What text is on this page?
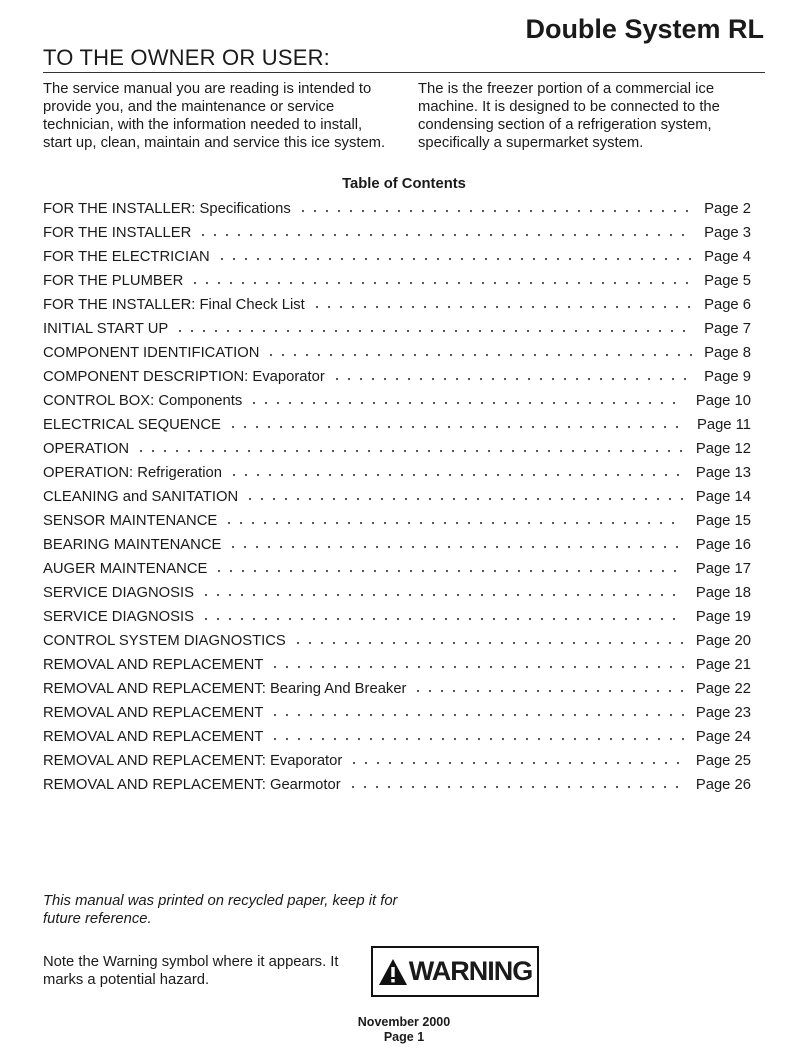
Double System RL
TO THE OWNER OR USER:

The service manual you are reading is intended to provide you, and the maintenance or service technician, with the information needed to install, start up, clean, maintain and service this ice system.

The is the freezer portion of a commercial ice machine. It is designed to be connected to the condensing section of a refrigeration system, specifically a supermarket system.

Table of Contents

FOR THE INSTALLER: Specifications	Page 2
FOR THE INSTALLER	Page 3
FOR THE ELECTRICIAN	Page 4
FOR THE PLUMBER	Page 5
FOR THE INSTALLER: Final Check List	Page 6
INITIAL START UP	Page 7
COMPONENT IDENTIFICATION	Page 8
COMPONENT DESCRIPTION: Evaporator	Page 9
CONTROL BOX: Components	Page 10
ELECTRICAL SEQUENCE	Page 11
OPERATION	Page 12
OPERATION: Refrigeration	Page 13
CLEANING and SANITATION	Page 14
SENSOR MAINTENANCE	Page 15
BEARING MAINTENANCE	Page 16
AUGER MAINTENANCE	Page 17
SERVICE DIAGNOSIS	Page 18
SERVICE DIAGNOSIS	Page 19
CONTROL SYSTEM DIAGNOSTICS	Page 20
REMOVAL AND REPLACEMENT	Page 21
REMOVAL AND REPLACEMENT: Bearing And Breaker	Page 22
REMOVAL AND REPLACEMENT	Page 23
REMOVAL AND REPLACEMENT	Page 24
REMOVAL AND REPLACEMENT: Evaporator	Page 25
REMOVAL AND REPLACEMENT: Gearmotor	Page 26

This manual was printed on recycled paper, keep it for future reference.

Note the Warning symbol where it appears. It marks a potential hazard.	WARNING

November 2000

Page 1
